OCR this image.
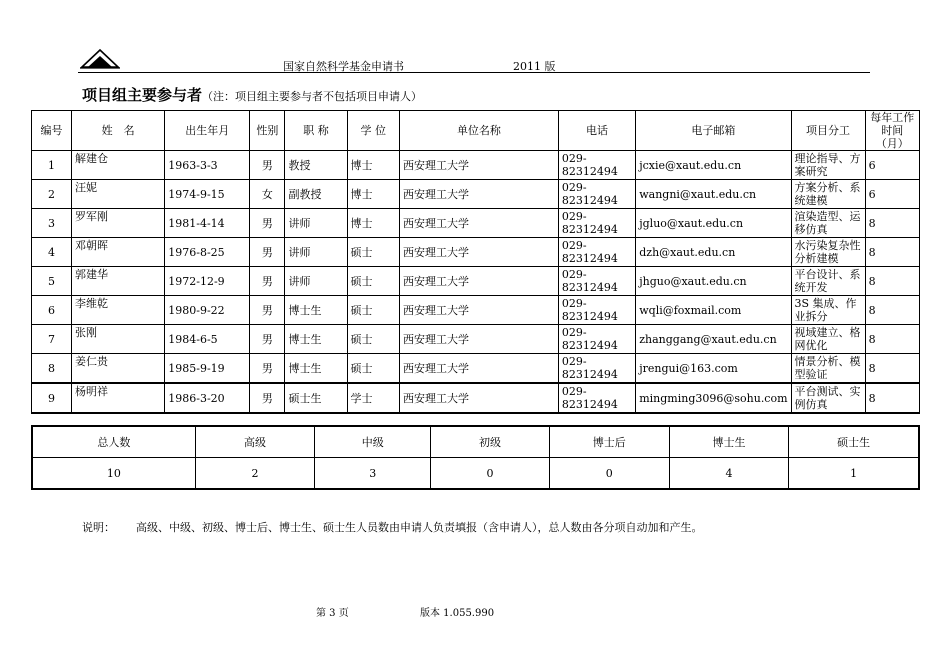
国家自然科学基金申请书	2011 版
项目组主要参与者（注：项目组主要参与者不包括项目申请人）
编号	姓　名	出生年月	性别	职 称	学 位	单位名称	电话	电子邮箱	项目分工	每年工作时间（月）
1	解建仓	1963-3-3	男	教授	博士	西安理工大学	029-82312494	jcxie@xaut.edu.cn	理论指导、方案研究	6
2	汪妮	1974-9-15	女	副教授	博士	西安理工大学	029-82312494	wangni@xaut.edu.cn	方案分析、系统建模	6
3	罗军刚	1981-4-14	男	讲师	博士	西安理工大学	029-82312494	jgluo@xaut.edu.cn	渲染造型、运移仿真	8
4	邓朝晖	1976-8-25	男	讲师	硕士	西安理工大学	029-82312494	dzh@xaut.edu.cn	水污染复杂性分析建模	8
5	郭建华	1972-12-9	男	讲师	硕士	西安理工大学	029-82312494	jhguo@xaut.edu.cn	平台设计、系统开发	8
6	李维乾	1980-9-22	男	博士生	硕士	西安理工大学	029-82312494	wqli@foxmail.com	3S 集成、作业拆分	8
7	张刚	1984-6-5	男	博士生	硕士	西安理工大学	029-82312494	zhanggang@xaut.edu.cn	视域建立、格网优化	8
8	姜仁贵	1985-9-19	男	博士生	硕士	西安理工大学	029-82312494	jrengui@163.com	情景分析、模型验证	8
9	杨明祥	1986-3-20	男	硕士生	学士	西安理工大学	029-82312494	mingming3096@sohu.com	平台测试、实例仿真	8
总人数	高级	中级	初级	博士后	博士生	硕士生
10	2	3	0	0	4	1
说明： 高级、中级、初级、博士后、博士生、硕士生人员数由申请人负责填报（含申请人），总人数由各分项自动加和产生。
第 3 页	版本 1.055.990
